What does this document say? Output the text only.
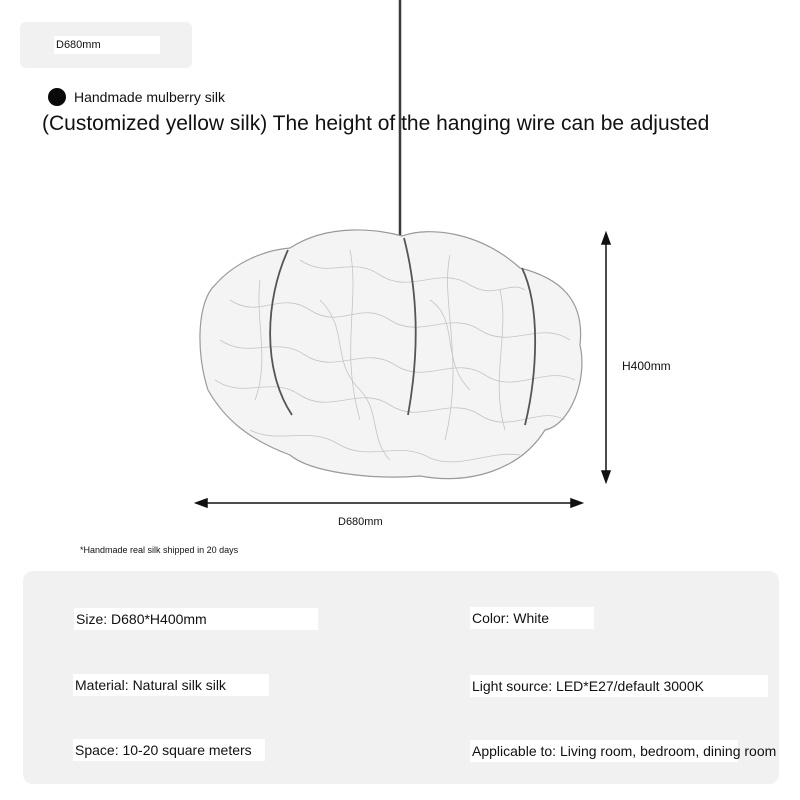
D680mm
Handmade mulberry silk
(Customized yellow silk) The height of the hanging wire can be adjusted
H400mm
D680mm
*Handmade real silk shipped in 20 days
Size: D680*H400mm	Color: White
Material: Natural silk silk	Light source: LED*E27/default 3000K
Space: 10-20 square meters	Applicable to: Living room, bedroom, dining room
